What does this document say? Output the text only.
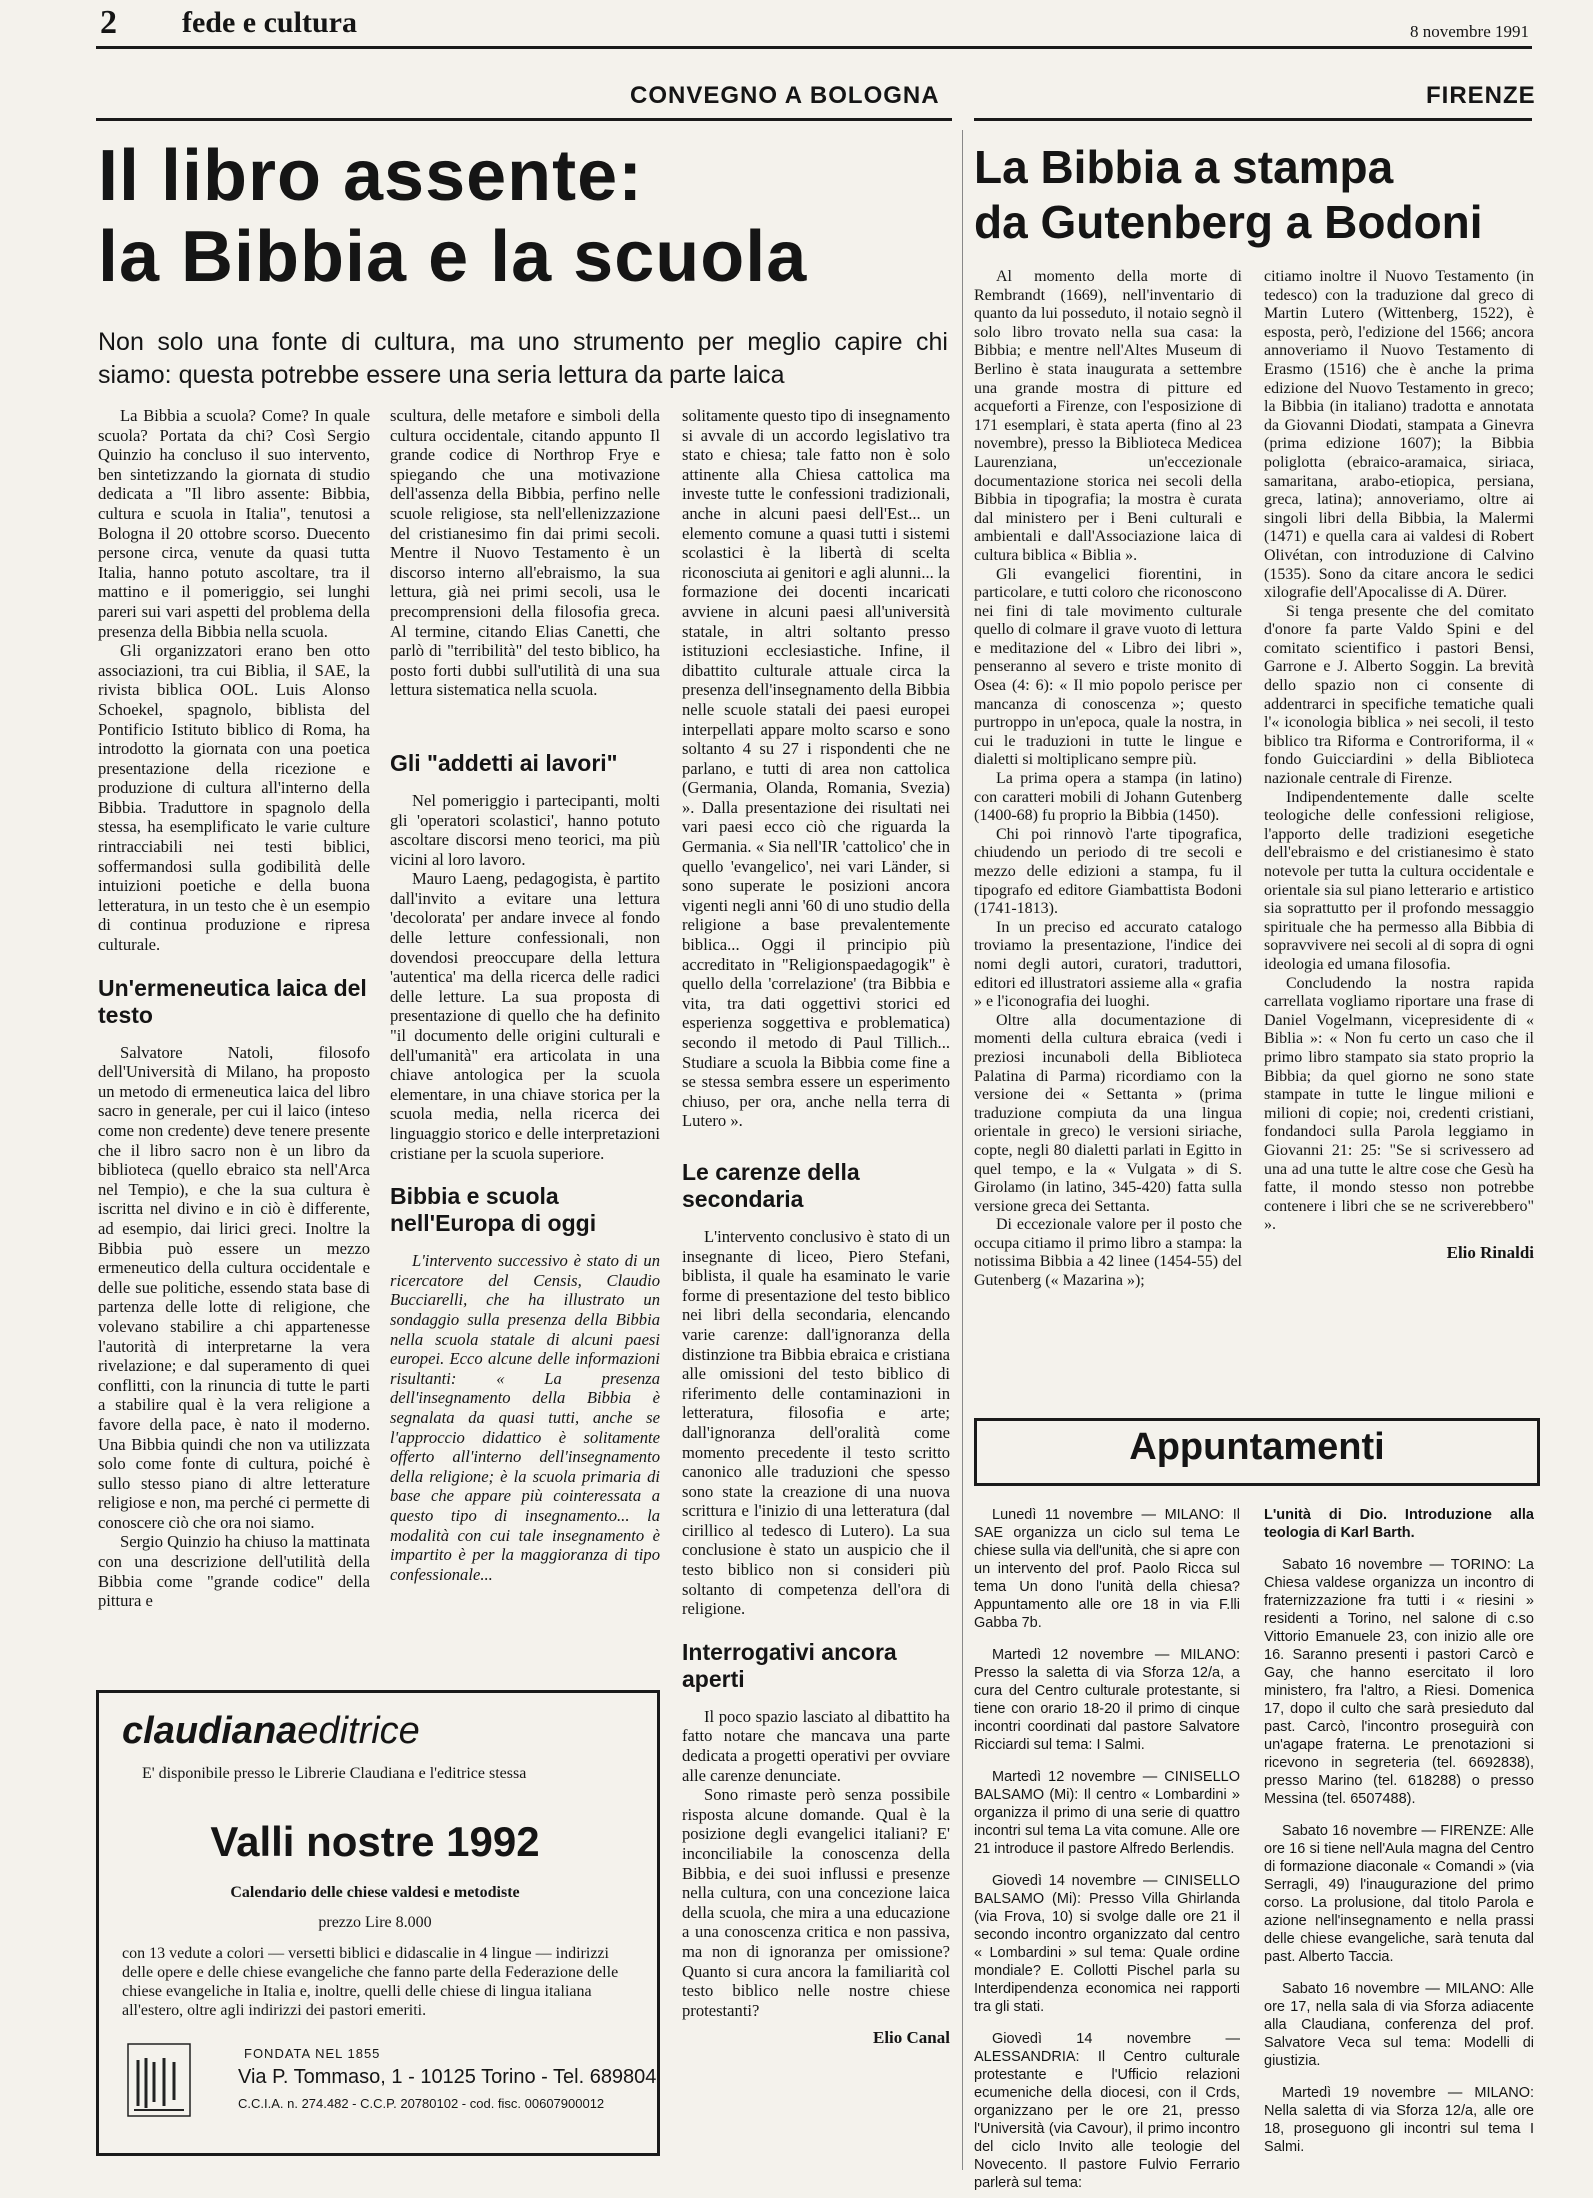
2 fede e cultura	8 novembre 1991
CONVEGNO A BOLOGNA	FIRENZE
Il libro assente:
la Bibbia e la scuola
Non solo una fonte di cultura, ma uno strumento per meglio capire chi siamo: questa potrebbe essere una seria lettura da parte laica

La Bibbia a scuola? Come? In quale scuola? Portata da chi? Così Sergio Quinzio ha concluso il suo intervento, ben sintetizzando la giornata di studio dedicata a "Il libro assente: Bibbia, cultura e scuola in Italia", tenutosi a Bologna il 20 ottobre scorso. Duecento persone circa, venute da quasi tutta Italia, hanno potuto ascoltare, tra il mattino e il pomeriggio, sei lunghi pareri sui vari aspetti del problema della presenza della Bibbia nella scuola.

Gli organizzatori erano ben otto associazioni, tra cui Biblia, il SAE, la rivista biblica OOL. Luis Alonso Schoekel, spagnolo, biblista del Pontificio Istituto biblico di Roma, ha introdotto la giornata con una poetica presentazione della ricezione e produzione di cultura all'interno della Bibbia. Traduttore in spagnolo della stessa, ha esemplificato le varie culture rintracciabili nei testi biblici, soffermandosi sulla godibilità delle intuizioni poetiche e della buona letteratura, in un testo che è un esempio di continua produzione e ripresa culturale.

Un'ermeneutica laica del testo

Salvatore Natoli, filosofo dell'Università di Milano, ha proposto un metodo di ermeneutica laica del libro sacro in generale, per cui il laico (inteso come non credente) deve tenere presente che il libro sacro non è un libro da biblioteca (quello ebraico sta nell'Arca nel Tempio), e che la sua cultura è iscritta nel divino e in ciò è differente, ad esempio, dai lirici greci. Inoltre la Bibbia può essere un mezzo ermeneutico della cultura occidentale e delle sue politiche, essendo stata base di partenza delle lotte di religione, che volevano stabilire a chi appartenesse l'autorità di interpretarne la vera rivelazione; e dal superamento di quei conflitti, con la rinuncia di tutte le parti a stabilire qual è la vera religione a favore della pace, è nato il moderno. Una Bibbia quindi che non va utilizzata solo come fonte di cultura, poiché è sullo stesso piano di altre letterature religiose e non, ma perché ci permette di conoscere ciò che ora noi siamo.

Sergio Quinzio ha chiuso la mattinata con una descrizione dell'utilità della Bibbia come "grande codice" della pittura e

scultura, delle metafore e simboli della cultura occidentale, citando appunto Il grande codice di Northrop Frye e spiegando che una motivazione dell'assenza della Bibbia, perfino nelle scuole religiose, sta nell'ellenizzazione del cristianesimo fin dai primi secoli. Mentre il Nuovo Testamento è un discorso interno all'ebraismo, la sua lettura, già nei primi secoli, usa le precomprensioni della filosofia greca. Al termine, citando Elias Canetti, che parlò di "terribilità" del testo biblico, ha posto forti dubbi sull'utilità di una sua lettura sistematica nella scuola.

Gli "addetti ai lavori"

Nel pomeriggio i partecipanti, molti gli 'operatori scolastici', hanno potuto ascoltare discorsi meno teorici, ma più vicini al loro lavoro.

Mauro Laeng, pedagogista, è partito dall'invito a evitare una lettura 'decolorata' per andare invece al fondo delle letture confessionali, non dovendosi preoccupare della lettura 'autentica' ma della ricerca delle radici delle letture. La sua proposta di presentazione di quello che ha definito "il documento delle origini culturali e dell'umanità" era articolata in una chiave antologica per la scuola elementare, in una chiave storica per la scuola media, nella ricerca dei linguaggio storico e delle interpretazioni cristiane per la scuola superiore.

Bibbia e scuola nell'Europa di oggi

L'intervento successivo è stato di un ricercatore del Censis, Claudio Bucciarelli, che ha illustrato un sondaggio sulla presenza della Bibbia nella scuola statale di alcuni paesi europei. Ecco alcune delle informazioni risultanti: « La presenza dell'insegnamento della Bibbia è segnalata da quasi tutti, anche se l'approccio didattico è solitamente offerto all'interno dell'insegnamento della religione; è la scuola primaria di base che appare più cointeressata a questo tipo di insegnamento... la modalità con cui tale insegnamento è impartito è per la maggioranza di tipo confessionale...

solitamente questo tipo di insegnamento si avvale di un accordo legislativo tra stato e chiesa; tale fatto non è solo attinente alla Chiesa cattolica ma investe tutte le confessioni tradizionali, anche in alcuni paesi dell'Est... un elemento comune a quasi tutti i sistemi scolastici è la libertà di scelta riconosciuta ai genitori e agli alunni... la formazione dei docenti incaricati avviene in alcuni paesi all'università statale, in altri soltanto presso istituzioni ecclesiastiche. Infine, il dibattito culturale attuale circa la presenza dell'insegnamento della Bibbia nelle scuole statali dei paesi europei interpellati appare molto scarso e sono soltanto 4 su 27 i rispondenti che ne parlano, e tutti di area non cattolica (Germania, Olanda, Romania, Svezia) ». Dalla presentazione dei risultati nei vari paesi ecco ciò che riguarda la Germania. « Sia nell'IR 'cattolico' che in quello 'evangelico', nei vari Länder, si sono superate le posizioni ancora vigenti negli anni '60 di uno studio della religione a base prevalentemente biblica... Oggi il principio più accreditato in "Religionspaedagogik" è quello della 'correlazione' (tra Bibbia e vita, tra dati oggettivi storici ed esperienza soggettiva e problematica) secondo il metodo di Paul Tillich... Studiare a scuola la Bibbia come fine a se stessa sembra essere un esperimento chiuso, per ora, anche nella terra di Lutero ».

Le carenze della secondaria

L'intervento conclusivo è stato di un insegnante di liceo, Piero Stefani, biblista, il quale ha esaminato le varie forme di presentazione del testo biblico nei libri della secondaria, elencando varie carenze: dall'ignoranza della distinzione tra Bibbia ebraica e cristiana alle omissioni del testo biblico di riferimento delle contaminazioni in letteratura, filosofia e arte; dall'ignoranza dell'oralità come momento precedente il testo scritto canonico alle traduzioni che spesso sono state la creazione di una nuova scrittura e l'inizio di una letteratura (dal cirillico al tedesco di Lutero). La sua conclusione è stato un auspicio che il testo biblico non si consideri più soltanto di competenza dell'ora di religione.

Interrogativi ancora aperti

Il poco spazio lasciato al dibattito ha fatto notare che mancava una parte dedicata a progetti operativi per ovviare alle carenze denunciate.

Sono rimaste però senza possibile risposta alcune domande. Qual è la posizione degli evangelici italiani? E' inconciliabile la conoscenza della Bibbia, e dei suoi influssi e presenze nella cultura, con una concezione laica della scuola, che mira a una educazione a una conoscenza critica e non passiva, ma non di ignoranza per omissione? Quanto si cura ancora la familiarità col testo biblico nelle nostre chiese protestanti?

Elio Canal
La Bibbia a stampa
da Gutenberg a Bodoni

Al momento della morte di Rembrandt (1669), nell'inventario di quanto da lui posseduto, il notaio segnò il solo libro trovato nella sua casa: la Bibbia; e mentre nell'Altes Museum di Berlino è stata inaugurata a settembre una grande mostra di pitture ed acqueforti a Firenze, con l'esposizione di 171 esemplari, è stata aperta (fino al 23 novembre), presso la Biblioteca Medicea Laurenziana, un'eccezionale documentazione storica nei secoli della Bibbia in tipografia; la mostra è curata dal ministero per i Beni culturali e ambientali e dall'Associazione laica di cultura biblica « Biblia ».

Gli evangelici fiorentini, in particolare, e tutti coloro che riconoscono nei fini di tale movimento culturale quello di colmare il grave vuoto di lettura e meditazione del « Libro dei libri », penseranno al severo e triste monito di Osea (4: 6): « Il mio popolo perisce per mancanza di conoscenza »; questo purtroppo in un'epoca, quale la nostra, in cui le traduzioni in tutte le lingue e dialetti si moltiplicano sempre più.

La prima opera a stampa (in latino) con caratteri mobili di Johann Gutenberg (1400-68) fu proprio la Bibbia (1450).

Chi poi rinnovò l'arte tipografica, chiudendo un periodo di tre secoli e mezzo delle edizioni a stampa, fu il tipografo ed editore Giambattista Bodoni (1741-1813).

In un preciso ed accurato catalogo troviamo la presentazione, l'indice dei nomi degli autori, curatori, traduttori, editori ed illustratori assieme alla « grafia » e l'iconografia dei luoghi.

Oltre alla documentazione di momenti della cultura ebraica (vedi i preziosi incunaboli della Biblioteca Palatina di Parma) ricordiamo con la versione dei « Settanta » (prima traduzione compiuta da una lingua orientale in greco) le versioni siriache, copte, negli 80 dialetti parlati in Egitto in quel tempo, e la « Vulgata » di S. Girolamo (in latino, 345-420) fatta sulla versione greca dei Settanta.

Di eccezionale valore per il posto che occupa citiamo il primo libro a stampa: la notissima Bibbia a 42 linee (1454-55) del Gutenberg (« Mazarina »);

citiamo inoltre il Nuovo Testamento (in tedesco) con la traduzione dal greco di Martin Lutero (Wittenberg, 1522), è esposta, però, l'edizione del 1566; ancora annoveriamo il Nuovo Testamento di Erasmo (1516) che è anche la prima edizione del Nuovo Testamento in greco; la Bibbia (in italiano) tradotta e annotata da Giovanni Diodati, stampata a Ginevra (prima edizione 1607); la Bibbia poliglotta (ebraico-aramaica, siriaca, samaritana, arabo-etiopica, persiana, greca, latina); annoveriamo, oltre ai singoli libri della Bibbia, la Malermi (1471) e quella cara ai valdesi di Robert Olivétan, con introduzione di Calvino (1535). Sono da citare ancora le sedici xilografie dell'Apocalisse di A. Dürer.

Si tenga presente che del comitato d'onore fa parte Valdo Spini e del comitato scientifico i pastori Bensi, Garrone e J. Alberto Soggin. La brevità dello spazio non ci consente di addentrarci in specifiche tematiche quali l'« iconologia biblica » nei secoli, il testo biblico tra Riforma e Controriforma, il « fondo Guicciardini » della Biblioteca nazionale centrale di Firenze.

Indipendentemente dalle scelte teologiche delle confessioni religiose, l'apporto delle tradizioni esegetiche dell'ebraismo e del cristianesimo è stato notevole per tutta la cultura occidentale e orientale sia sul piano letterario e artistico sia soprattutto per il profondo messaggio spirituale che ha permesso alla Bibbia di sopravvivere nei secoli al di sopra di ogni ideologia ed umana filosofia.

Concludendo la nostra rapida carrellata vogliamo riportare una frase di Daniel Vogelmann, vicepresidente di « Biblia »: « Non fu certo un caso che il primo libro stampato sia stato proprio la Bibbia; da quel giorno ne sono state stampate in tutte le lingue milioni e milioni di copie; noi, credenti cristiani, fondandoci sulla Parola leggiamo in Giovanni 21: 25: "Se si scrivessero ad una ad una tutte le altre cose che Gesù ha fatte, il mondo stesso non potrebbe contenere i libri che se ne scriverebbero" ».

Elio Rinaldi
Appuntamenti

Lunedì 11 novembre — MILANO: Il SAE organizza un ciclo sul tema Le chiese sulla via dell'unità, che si apre con un intervento del prof. Paolo Ricca sul tema Un dono l'unità della chiesa? Appuntamento alle ore 18 in via F.lli Gabba 7b.

Martedì 12 novembre — MILANO: Presso la saletta di via Sforza 12/a, a cura del Centro culturale protestante, si tiene con orario 18-20 il primo di cinque incontri coordinati dal pastore Salvatore Ricciardi sul tema: I Salmi.

Martedì 12 novembre — CINISELLO BALSAMO (Mi): Il centro « Lombardini » organizza il primo di una serie di quattro incontri sul tema La vita comune. Alle ore 21 introduce il pastore Alfredo Berlendis.

Giovedì 14 novembre — CINISELLO BALSAMO (Mi): Presso Villa Ghirlanda (via Frova, 10) si svolge dalle ore 21 il secondo incontro organizzato dal centro « Lombardini » sul tema: Quale ordine mondiale? E. Collotti Pischel parla su Interdipendenza economica nei rapporti tra gli stati.

Giovedì 14 novembre — ALESSANDRIA: Il Centro culturale protestante e l'Ufficio relazioni ecumeniche della diocesi, con il Crds, organizzano per le ore 21, presso l'Università (via Cavour), il primo incontro del ciclo Invito alle teologie del Novecento. Il pastore Fulvio Ferrario parlerà sul tema:

L'unità di Dio. Introduzione alla teologia di Karl Barth.

Sabato 16 novembre — TORINO: La Chiesa valdese organizza un incontro di fraternizzazione fra tutti i « riesini » residenti a Torino, nel salone di c.so Vittorio Emanuele 23, con inizio alle ore 16. Saranno presenti i pastori Carcò e Gay, che hanno esercitato il loro ministero, fra l'altro, a Riesi. Domenica 17, dopo il culto che sarà presieduto dal past. Carcò, l'incontro proseguirà con un'agape fraterna. Le prenotazioni si ricevono in segreteria (tel. 6692838), presso Marino (tel. 618288) o presso Messina (tel. 6507488).

Sabato 16 novembre — FIRENZE: Alle ore 16 si tiene nell'Aula magna del Centro di formazione diaconale « Comandi » (via Serragli, 49) l'inaugurazione del primo corso. La prolusione, dal titolo Parola e azione nell'insegnamento e nella prassi delle chiese evangeliche, sarà tenuta dal past. Alberto Taccia.

Sabato 16 novembre — MILANO: Alle ore 17, nella sala di via Sforza adiacente alla Claudiana, conferenza del prof. Salvatore Veca sul tema: Modelli di giustizia.

Martedì 19 novembre — MILANO: Nella saletta di via Sforza 12/a, alle ore 18, proseguono gli incontri sul tema I Salmi.

claudianaeditrice
E' disponibile presso le Librerie Claudiana e l'editrice stessa
Valli nostre 1992
Calendario delle chiese valdesi e metodiste
prezzo Lire 8.000
con 13 vedute a colori — versetti biblici e didascalie in 4 lingue — indirizzi delle opere e delle chiese evangeliche che fanno parte della Federazione delle chiese evangeliche in Italia e, inoltre, quelli delle chiese di lingua italiana all'estero, oltre agli indirizzi dei pastori emeriti.
FONDATA NEL 1855
Via P. Tommaso, 1 - 10125 Torino - Tel. 689804
C.C.I.A. n. 274.482 - C.C.P. 20780102 - cod. fisc. 00607900012
